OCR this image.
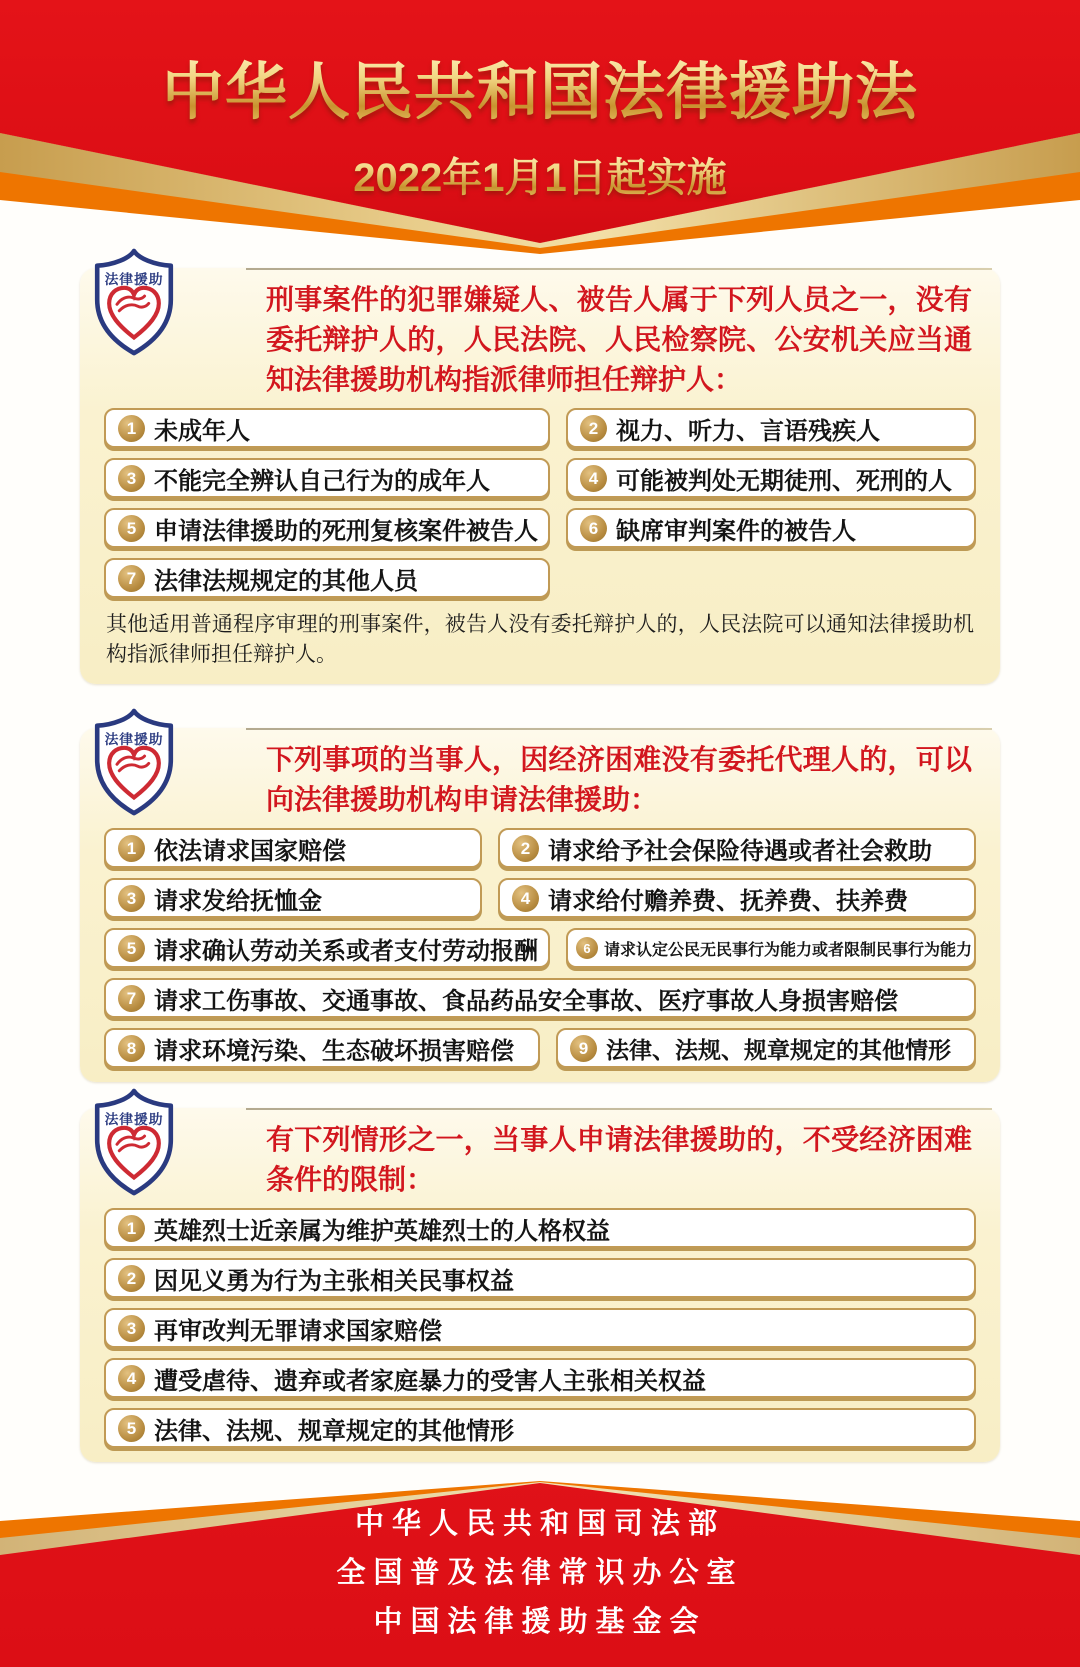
中华人民共和国法律援助法
2022年1月1日起实施
刑事案件的犯罪嫌疑人、被告人属于下列人员之一，没有委托辩护人的，人民法院、人民检察院、公安机关应当通知法律援助机构指派律师担任辩护人：
1 未成年人	2 视力、听力、言语残疾人
3 不能完全辨认自己行为的成年人	4 可能被判处无期徒刑、死刑的人
5 申请法律援助的死刑复核案件被告人	6 缺席审判案件的被告人
7 法律法规规定的其他人员
其他适用普通程序审理的刑事案件，被告人没有委托辩护人的，人民法院可以通知法律援助机构指派律师担任辩护人。
下列事项的当事人，因经济困难没有委托代理人的，可以向法律援助机构申请法律援助：
1 依法请求国家赔偿	2 请求给予社会保险待遇或者社会救助
3 请求发给抚恤金	4 请求给付赡养费、抚养费、扶养费
5 请求确认劳动关系或者支付劳动报酬	6 请求认定公民无民事行为能力或者限制民事行为能力
7 请求工伤事故、交通事故、食品药品安全事故、医疗事故人身损害赔偿
8 请求环境污染、生态破坏损害赔偿	9 法律、法规、规章规定的其他情形
有下列情形之一，当事人申请法律援助的，不受经济困难条件的限制：
1 英雄烈士近亲属为维护英雄烈士的人格权益
2 因见义勇为行为主张相关民事权益
3 再审改判无罪请求国家赔偿
4 遭受虐待、遗弃或者家庭暴力的受害人主张相关权益
5 法律、法规、规章规定的其他情形
法律援助
法律援助
法律援助
中华人民共和国司法部
全国普及法律常识办公室
中国法律援助基金会
